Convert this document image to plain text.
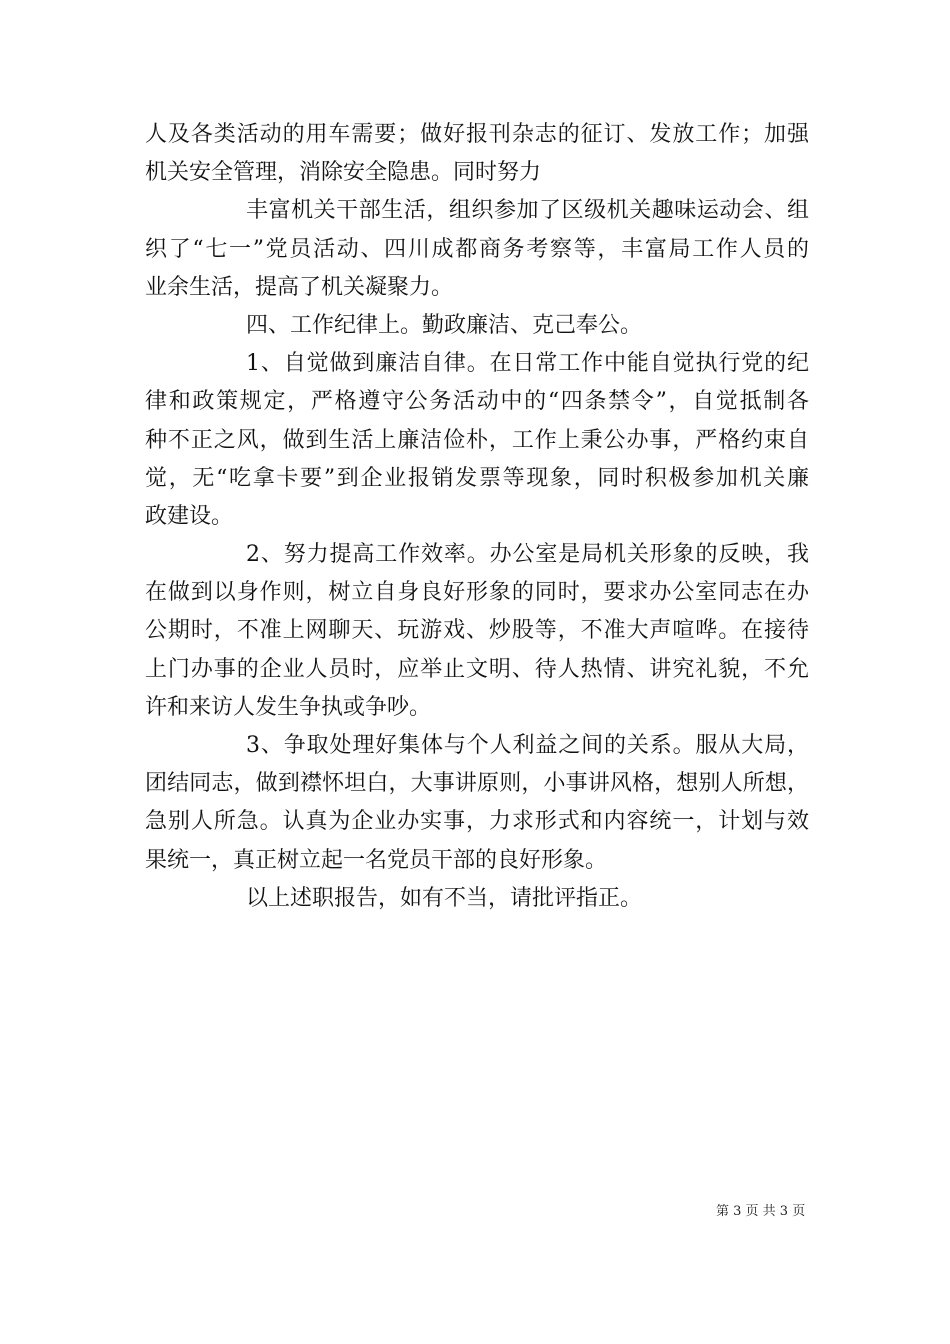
人及各类活动的用车需要；做好报刊杂志的征订、发放工作；加强
机关安全管理，消除安全隐患。同时努力
丰富机关干部生活，组织参加了区级机关趣味运动会、组
织了“七一”党员活动、四川成都商务考察等，丰富局工作人员的
业余生活，提高了机关凝聚力。
四、工作纪律上。勤政廉洁、克己奉公。
1、自觉做到廉洁自律。在日常工作中能自觉执行党的纪
律和政策规定，严格遵守公务活动中的“四条禁令”，自觉抵制各
种不正之风，做到生活上廉洁俭朴，工作上秉公办事，严格约束自
觉，无“吃拿卡要”到企业报销发票等现象，同时积极参加机关廉
政建设。
2、努力提高工作效率。办公室是局机关形象的反映，我
在做到以身作则，树立自身良好形象的同时，要求办公室同志在办
公期时，不准上网聊天、玩游戏、炒股等，不准大声喧哗。在接待
上门办事的企业人员时，应举止文明、待人热情、讲究礼貌，不允
许和来访人发生争执或争吵。
3、争取处理好集体与个人利益之间的关系。服从大局，
团结同志，做到襟怀坦白，大事讲原则，小事讲风格，想别人所想，
急别人所急。认真为企业办实事，力求形式和内容统一，计划与效
果统一，真正树立起一名党员干部的良好形象。
以上述职报告，如有不当，请批评指正。
第 3 页 共 3 页
